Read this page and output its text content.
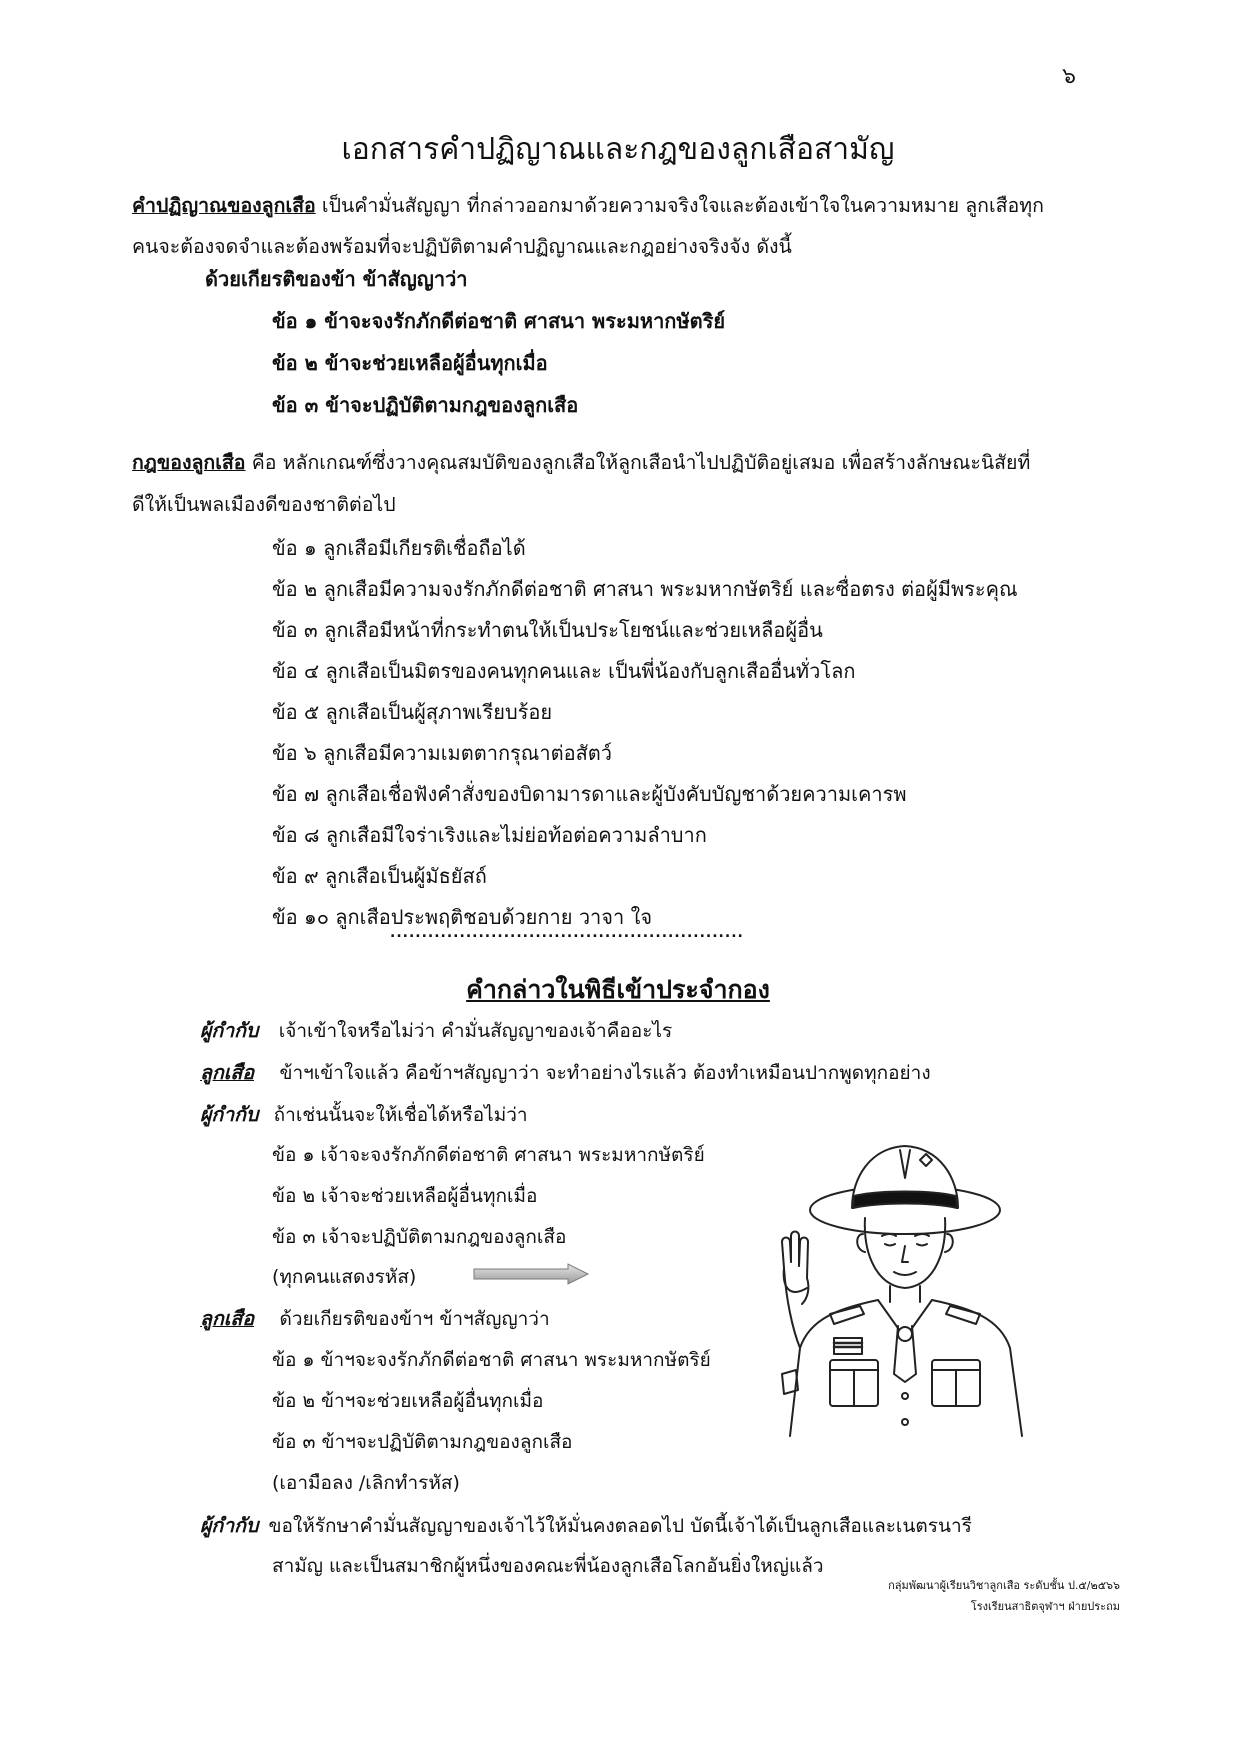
๖
เอกสารคำปฏิญาณและกฎของลูกเสือสามัญ
คำปฏิญาณของลูกเสือ เป็นคำมั่นสัญญา ที่กล่าวออกมาด้วยความจริงใจและต้องเข้าใจในความหมาย ลูกเสือทุก
คนจะต้องจดจำและต้องพร้อมที่จะปฏิบัติตามคำปฏิญาณและกฎอย่างจริงจัง ดังนี้
ด้วยเกียรติของข้า ข้าสัญญาว่า
ข้อ ๑ ข้าจะจงรักภักดีต่อชาติ ศาสนา พระมหากษัตริย์
ข้อ ๒ ข้าจะช่วยเหลือผู้อื่นทุกเมื่อ
ข้อ ๓ ข้าจะปฏิบัติตามกฎของลูกเสือ
กฎของลูกเสือ คือ หลักเกณฑ์ซึ่งวางคุณสมบัติของลูกเสือให้ลูกเสือนำไปปฏิบัติอยู่เสมอ เพื่อสร้างลักษณะนิสัยที่
ดีให้เป็นพลเมืองดีของชาติต่อไป
ข้อ ๑ ลูกเสือมีเกียรติเชื่อถือได้
ข้อ ๒ ลูกเสือมีความจงรักภักดีต่อชาติ ศาสนา พระมหากษัตริย์ และซื่อตรง ต่อผู้มีพระคุณ
ข้อ ๓ ลูกเสือมีหน้าที่กระทำตนให้เป็นประโยชน์และช่วยเหลือผู้อื่น
ข้อ ๔ ลูกเสือเป็นมิตรของคนทุกคนและ เป็นพี่น้องกับลูกเสืออื่นทั่วโลก
ข้อ ๕ ลูกเสือเป็นผู้สุภาพเรียบร้อย
ข้อ ๖ ลูกเสือมีความเมตตากรุณาต่อสัตว์
ข้อ ๗ ลูกเสือเชื่อฟังคำสั่งของบิดามารดาและผู้บังคับบัญชาด้วยความเคารพ
ข้อ ๘ ลูกเสือมีใจร่าเริงและไม่ย่อท้อต่อความลำบาก
ข้อ ๙ ลูกเสือเป็นผู้มัธยัสถ์
ข้อ ๑๐ ลูกเสือประพฤติชอบด้วยกาย วาจา ใจ
........................................................
คำกล่าวในพิธีเข้าประจำกอง
ผู้กำกับ เจ้าเข้าใจหรือไม่ว่า คำมั่นสัญญาของเจ้าคืออะไร
ลูกเสือ ข้าฯเข้าใจแล้ว คือข้าฯสัญญาว่า จะทำอย่างไรแล้ว ต้องทำเหมือนปากพูดทุกอย่าง
ผู้กำกับ ถ้าเช่นนั้นจะให้เชื่อได้หรือไม่ว่า
ข้อ ๑ เจ้าจะจงรักภักดีต่อชาติ ศาสนา พระมหากษัตริย์
ข้อ ๒ เจ้าจะช่วยเหลือผู้อื่นทุกเมื่อ
ข้อ ๓ เจ้าจะปฏิบัติตามกฎของลูกเสือ
(ทุกคนแสดงรหัส)
ลูกเสือ ด้วยเกียรติของข้าฯ ข้าฯสัญญาว่า
ข้อ ๑ ข้าฯจะจงรักภักดีต่อชาติ ศาสนา พระมหากษัตริย์
ข้อ ๒ ข้าฯจะช่วยเหลือผู้อื่นทุกเมื่อ
ข้อ ๓ ข้าฯจะปฏิบัติตามกฎของลูกเสือ
(เอามือลง /เลิกทำรหัส)
ผู้กำกับ ขอให้รักษาคำมั่นสัญญาของเจ้าไว้ให้มั่นคงตลอดไป บัดนี้เจ้าได้เป็นลูกเสือและเนตรนารี
สามัญ และเป็นสมาชิกผู้หนึ่งของคณะพี่น้องลูกเสือโลกอันยิ่งใหญ่แล้ว
กลุ่มพัฒนาผู้เรียนวิชาลูกเสือ ระดับชั้น ป.๕/๒๕๖๖
โรงเรียนสาธิตจุฬาฯ ฝ่ายประถม
